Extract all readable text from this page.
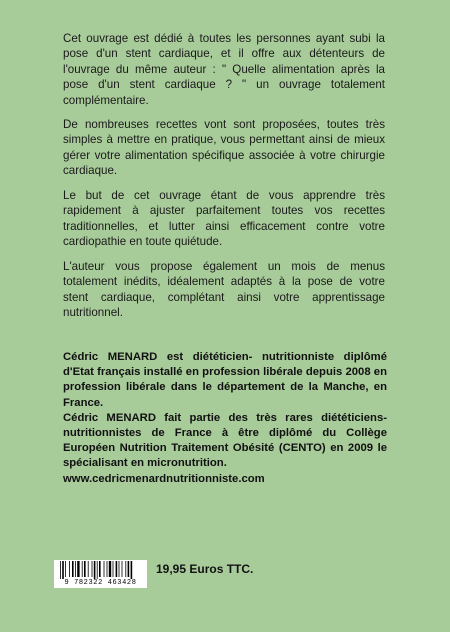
Cet ouvrage est dédié à toutes les personnes ayant subi la pose d'un stent cardiaque, et il offre aux détenteurs de l'ouvrage du même auteur : " Quelle alimentation après la pose d'un stent cardiaque ? " un ouvrage totalement complémentaire.

De nombreuses recettes vont sont proposées, toutes très simples à mettre en pratique, vous permettant ainsi de mieux gérer votre alimentation spécifique associée à votre chirurgie cardiaque.

Le but de cet ouvrage étant de vous apprendre très rapidement à ajuster parfaitement toutes vos recettes traditionnelles, et lutter ainsi efficacement contre votre cardiopathie en toute quiétude.

L'auteur vous propose également un mois de menus totalement inédits, idéalement adaptés à la pose de votre stent cardiaque, complétant ainsi votre apprentissage nutritionnel.

Cédric MENARD est diététicien- nutritionniste diplômé d'Etat français installé en profession libérale depuis 2008 en profession libérale dans le département de la Manche, en France.

Cédric MENARD fait partie des très rares diététiciens-nutritionnistes de France à être diplômé du Collège Européen Nutrition Traitement Obésité (CENTO) en 2009 le spécialisant en micronutrition.

www.cedricmenardnutritionniste.com

9 782322 463428
19,95 Euros TTC.
